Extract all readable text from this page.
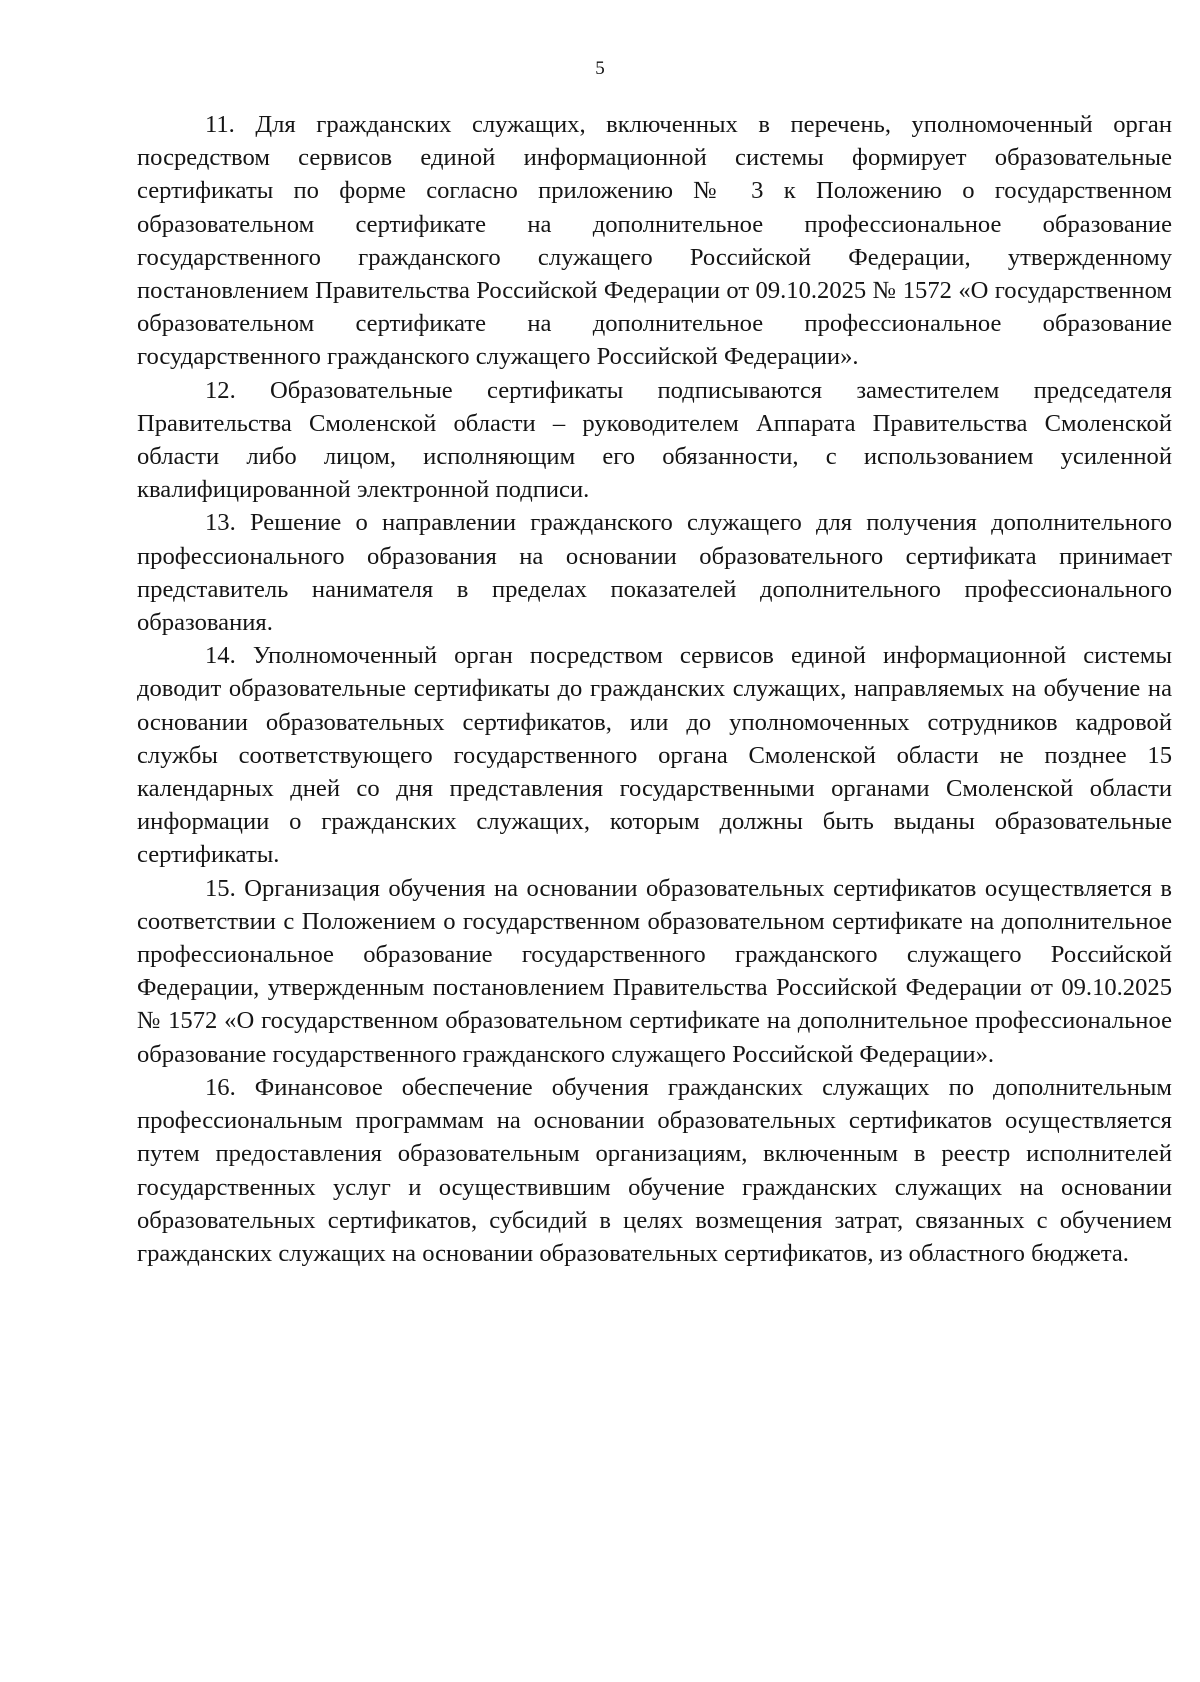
5

11. Для гражданских служащих, включенных в перечень, уполномоченный орган посредством сервисов единой информационной системы формирует образовательные сертификаты по форме согласно приложению № 3 к Положению о государственном образовательном сертификате на дополнительное профессиональное образование государственного гражданского служащего Российской Федерации, утвержденному постановлением Правительства Российской Федерации от 09.10.2025 № 1572 «О государственном образовательном сертификате на дополнительное профессиональное образование государственного гражданского служащего Российской Федерации».

12. Образовательные сертификаты подписываются заместителем председателя Правительства Смоленской области – руководителем Аппарата Правительства Смоленской области либо лицом, исполняющим его обязанности, с использованием усиленной квалифицированной электронной подписи.

13. Решение о направлении гражданского служащего для получения дополнительного профессионального образования на основании образовательного сертификата принимает представитель нанимателя в пределах показателей дополнительного профессионального образования.

14. Уполномоченный орган посредством сервисов единой информационной системы доводит образовательные сертификаты до гражданских служащих, направляемых на обучение на основании образовательных сертификатов, или до уполномоченных сотрудников кадровой службы соответствующего государственного органа Смоленской области не позднее 15 календарных дней со дня представления государственными органами Смоленской области информации о гражданских служащих, которым должны быть выданы образовательные сертификаты.

15. Организация обучения на основании образовательных сертификатов осуществляется в соответствии с Положением о государственном образовательном сертификате на дополнительное профессиональное образование государственного гражданского служащего Российской Федерации, утвержденным постановлением Правительства Российской Федерации от 09.10.2025 № 1572 «О государственном образовательном сертификате на дополнительное профессиональное образование государственного гражданского служащего Российской Федерации».

16. Финансовое обеспечение обучения гражданских служащих по дополнительным профессиональным программам на основании образовательных сертификатов осуществляется путем предоставления образовательным организациям, включенным в реестр исполнителей государственных услуг и осуществившим обучение гражданских служащих на основании образовательных сертификатов, субсидий в целях возмещения затрат, связанных с обучением гражданских служащих на основании образовательных сертификатов, из областного бюджета.
